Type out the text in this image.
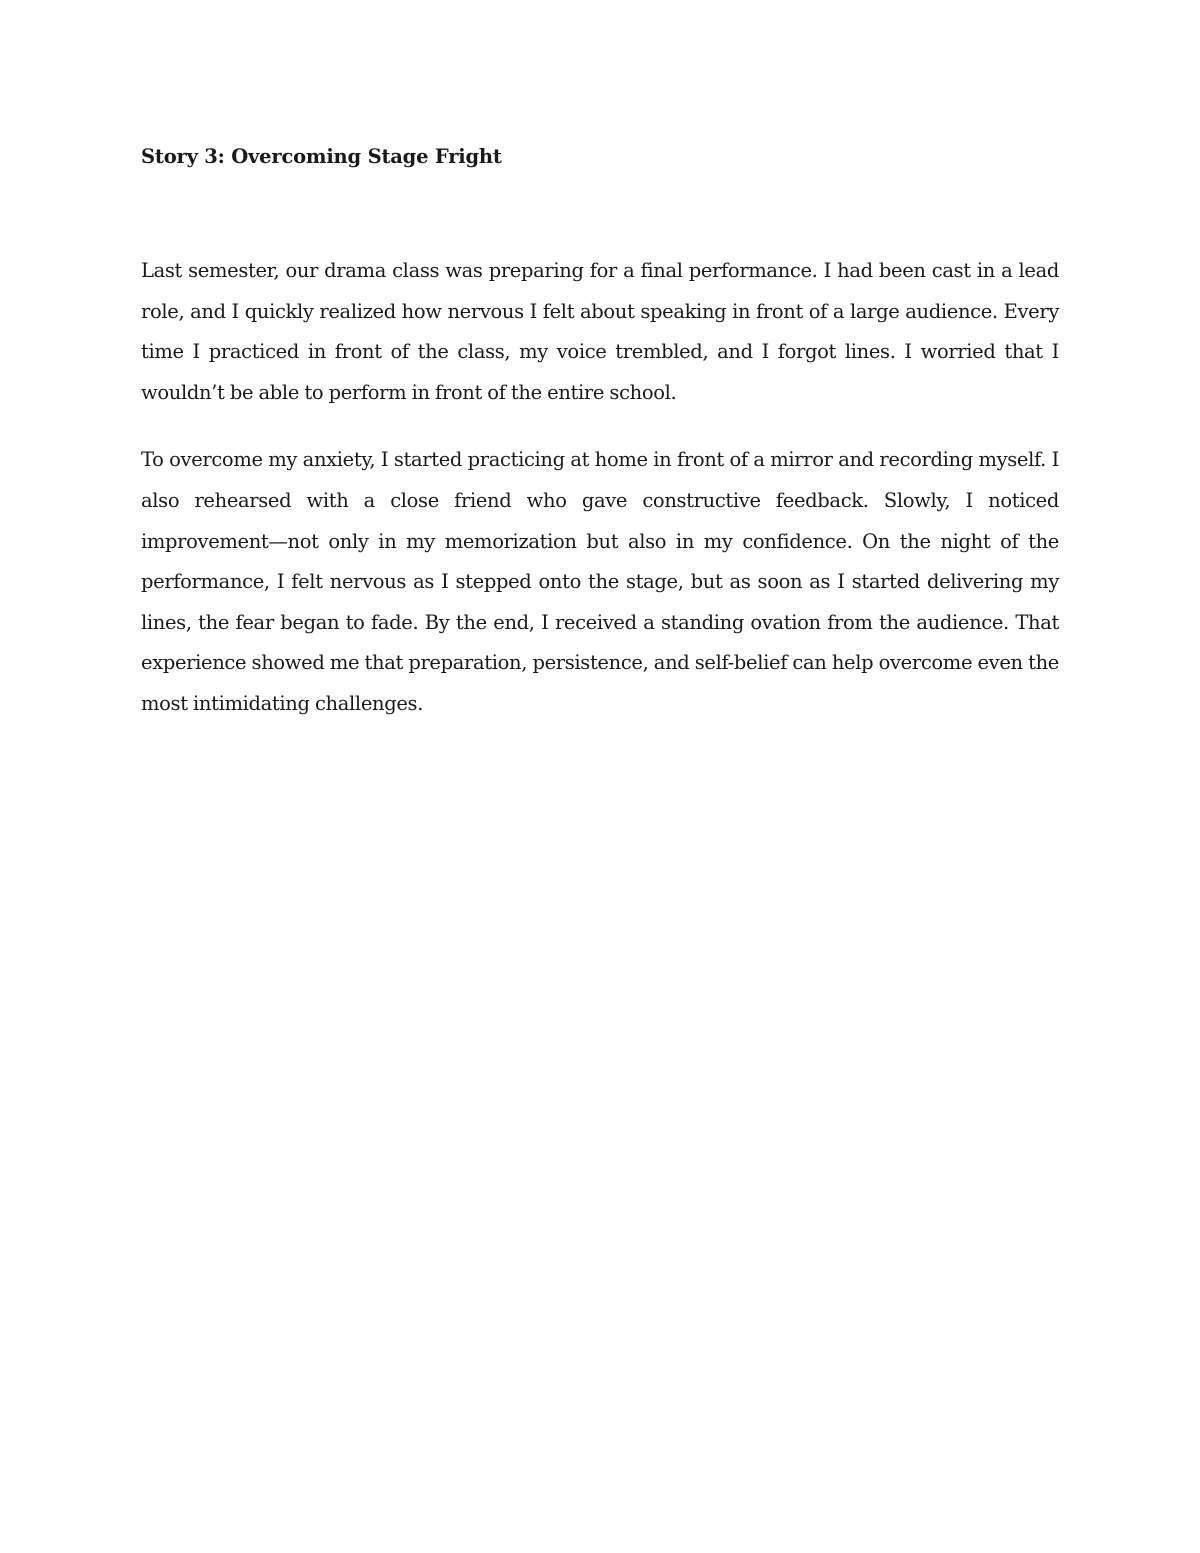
Story 3: Overcoming Stage Fright

Last semester, our drama class was preparing for a final performance. I had been cast in a lead role, and I quickly realized how nervous I felt about speaking in front of a large audience. Every time I practiced in front of the class, my voice trembled, and I forgot lines. I worried that I wouldn’t be able to perform in front of the entire school.

To overcome my anxiety, I started practicing at home in front of a mirror and recording myself. I also rehearsed with a close friend who gave constructive feedback. Slowly, I noticed improvement—not only in my memorization but also in my confidence. On the night of the performance, I felt nervous as I stepped onto the stage, but as soon as I started delivering my lines, the fear began to fade. By the end, I received a standing ovation from the audience. That experience showed me that preparation, persistence, and self-belief can help overcome even the most intimidating challenges.
